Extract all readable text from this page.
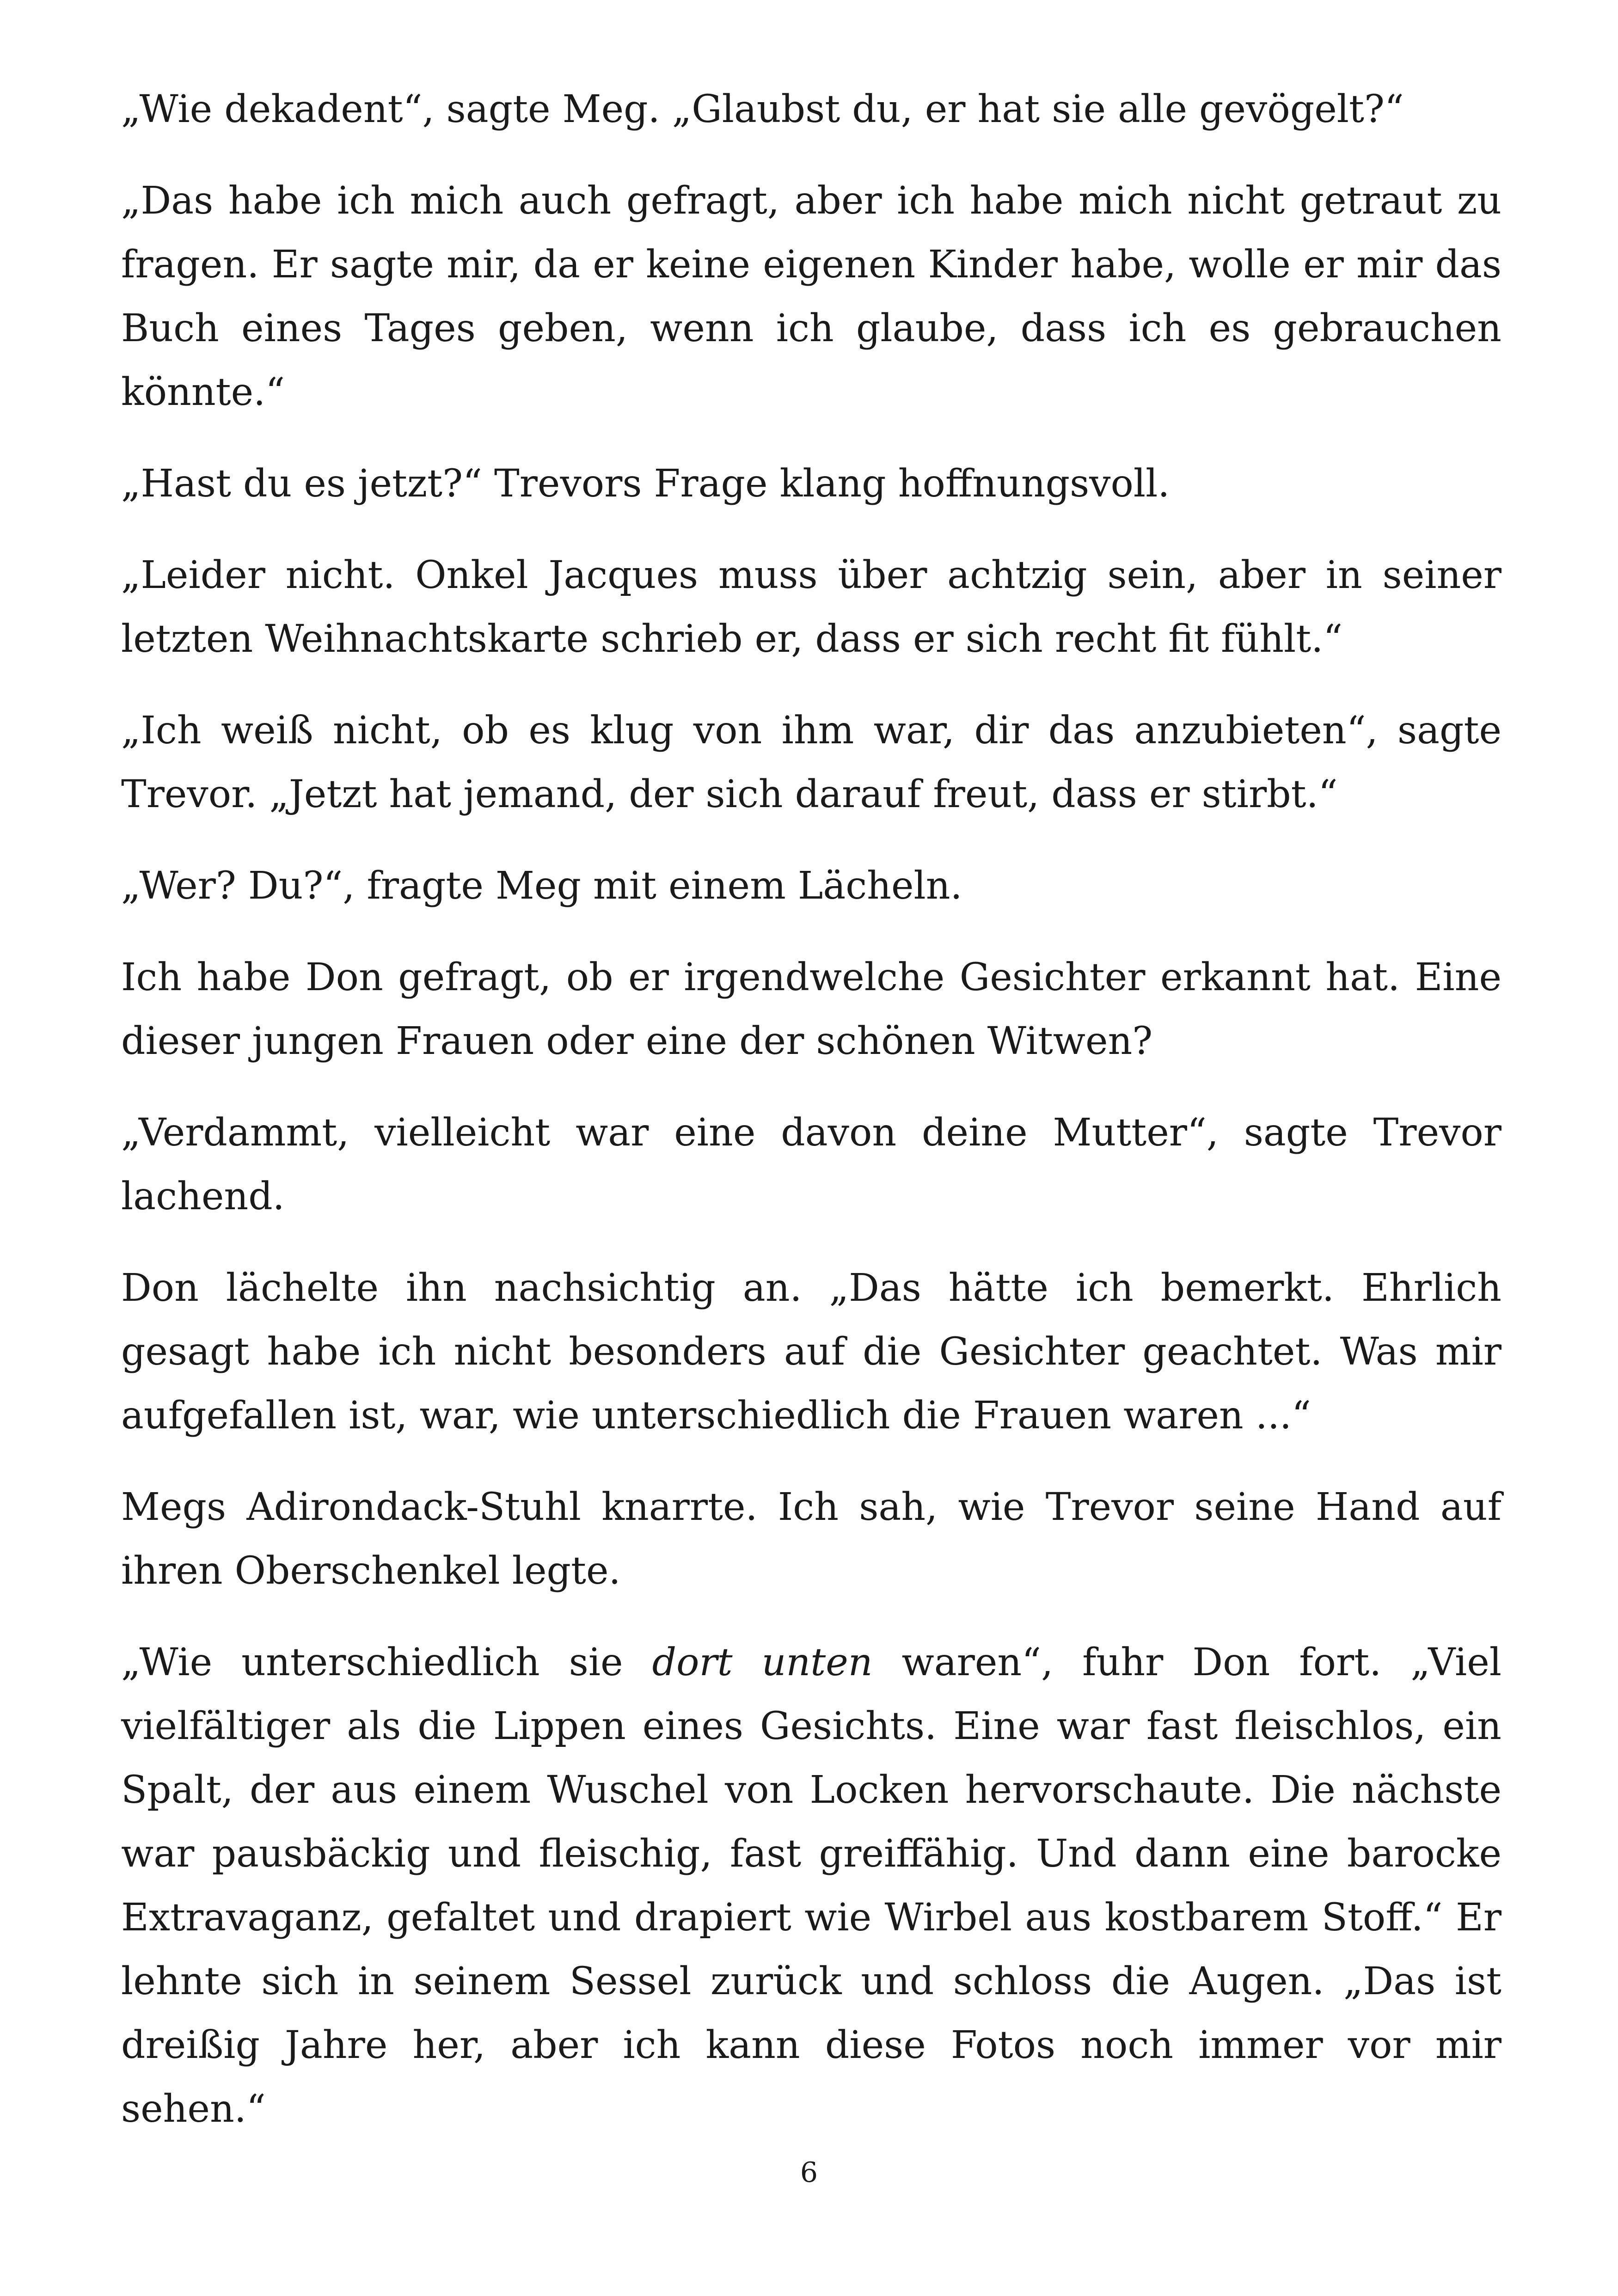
„Wie dekadent“, sagte Meg. „Glaubst du, er hat sie alle gevögelt?“

„Das habe ich mich auch gefragt, aber ich habe mich nicht getraut zu fragen. Er sagte mir, da er keine eigenen Kinder habe, wolle er mir das Buch eines Tages geben, wenn ich glaube, dass ich es gebrauchen könnte.“

„Hast du es jetzt?“ Trevors Frage klang hoffnungsvoll.

„Leider nicht. Onkel Jacques muss über achtzig sein, aber in seiner letzten Weihnachtskarte schrieb er, dass er sich recht fit fühlt.“

„Ich weiß nicht, ob es klug von ihm war, dir das anzubieten“, sagte Trevor. „Jetzt hat jemand, der sich darauf freut, dass er stirbt.“

„Wer? Du?“, fragte Meg mit einem Lächeln.

Ich habe Don gefragt, ob er irgendwelche Gesichter erkannt hat. Eine dieser jungen Frauen oder eine der schönen Witwen?

„Verdammt, vielleicht war eine davon deine Mutter“, sagte Trevor lachend.

Don lächelte ihn nachsichtig an. „Das hätte ich bemerkt. Ehrlich gesagt habe ich nicht besonders auf die Gesichter geachtet. Was mir aufgefallen ist, war, wie unterschiedlich die Frauen waren ...“

Megs Adirondack-Stuhl knarrte. Ich sah, wie Trevor seine Hand auf ihren Oberschenkel legte.

„Wie unterschiedlich sie dort unten waren“, fuhr Don fort. „Viel vielfältiger als die Lippen eines Gesichts. Eine war fast fleischlos, ein Spalt, der aus einem Wuschel von Locken hervorschaute. Die nächste war pausbäckig und fleischig, fast greiffähig. Und dann eine barocke Extravaganz, gefaltet und drapiert wie Wirbel aus kostbarem Stoff.“ Er lehnte sich in seinem Sessel zurück und schloss die Augen. „Das ist dreißig Jahre her, aber ich kann diese Fotos noch immer vor mir sehen.“

6
